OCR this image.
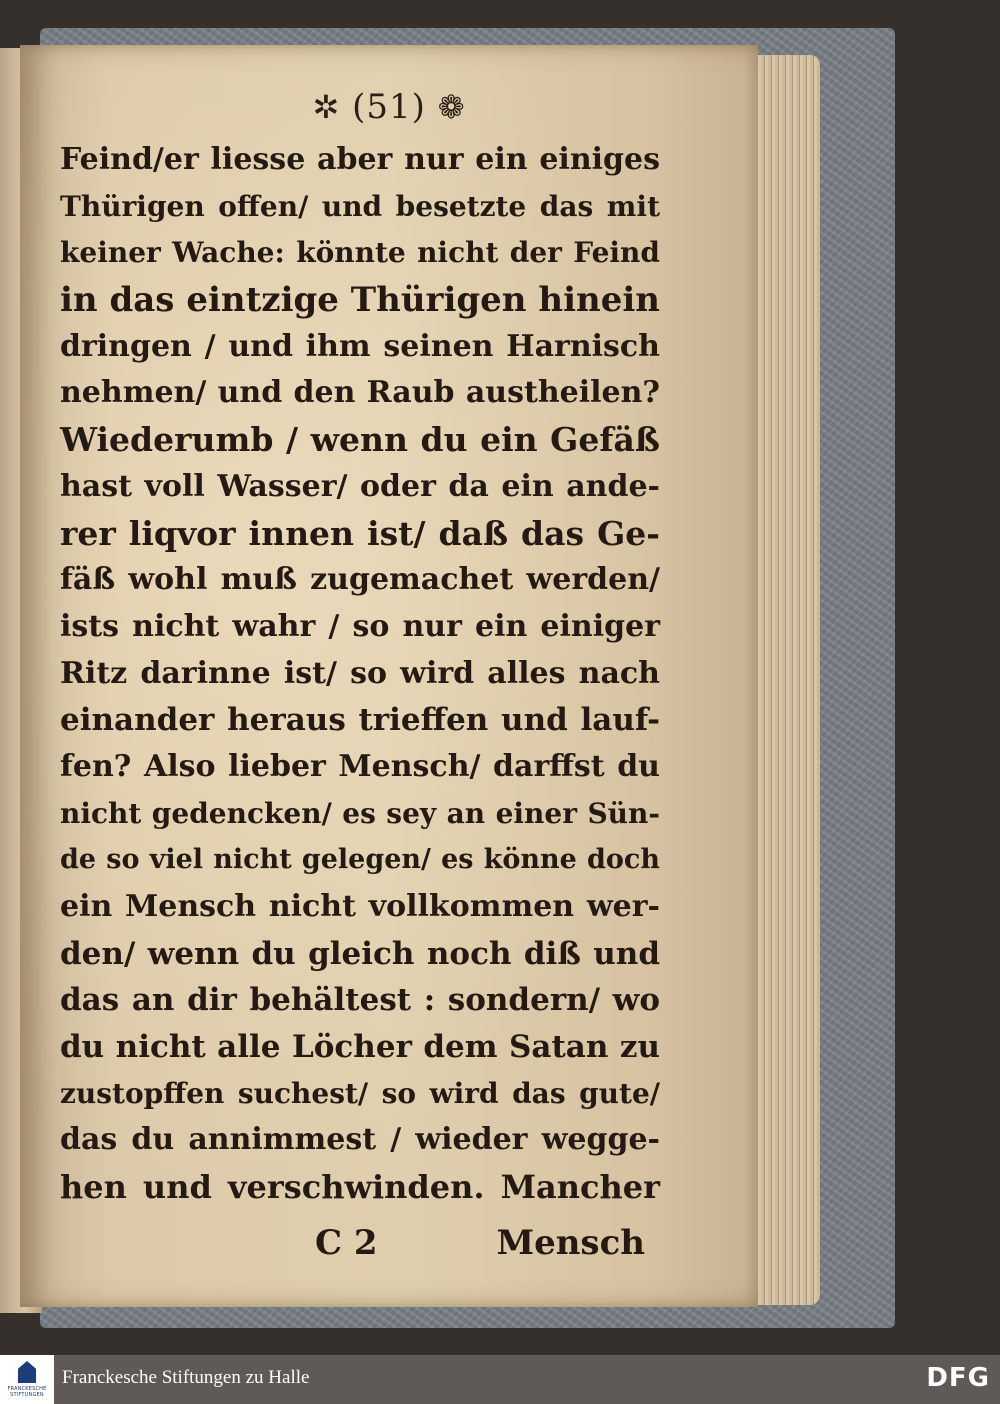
✲ (51) ❁
Feind/er liesse aber nur ein einiges
Thürigen offen/ und besetzte das mit
keiner Wache: könnte nicht der Feind
in das eintzige Thürigen hinein
dringen / und ihm seinen Harnisch
nehmen/ und den Raub austheilen?
Wiederumb / wenn du ein Gefäß
hast voll Wasser/ oder da ein ande-
rer liqvor innen ist/ daß das Ge-
fäß wohl muß zugemachet werden/
ists nicht wahr / so nur ein einiger
Ritz darinne ist/ so wird alles nach
einander heraus trieffen und lauf-
fen? Also lieber Mensch/ darffst du
nicht gedencken/ es sey an einer Sün-
de so viel nicht gelegen/ es könne doch
ein Mensch nicht vollkommen wer-
den/ wenn du gleich noch diß und
das an dir behältest : sondern/ wo
du nicht alle Löcher dem Satan zu
zustopffen suchest/ so wird das gute/
das du annimmest / wieder wegge-
hen und verschwinden. Mancher
C 2	Mensch
FRANCKESCHE STIFTUNGEN
Franckesche Stiftungen zu Halle	DFG
